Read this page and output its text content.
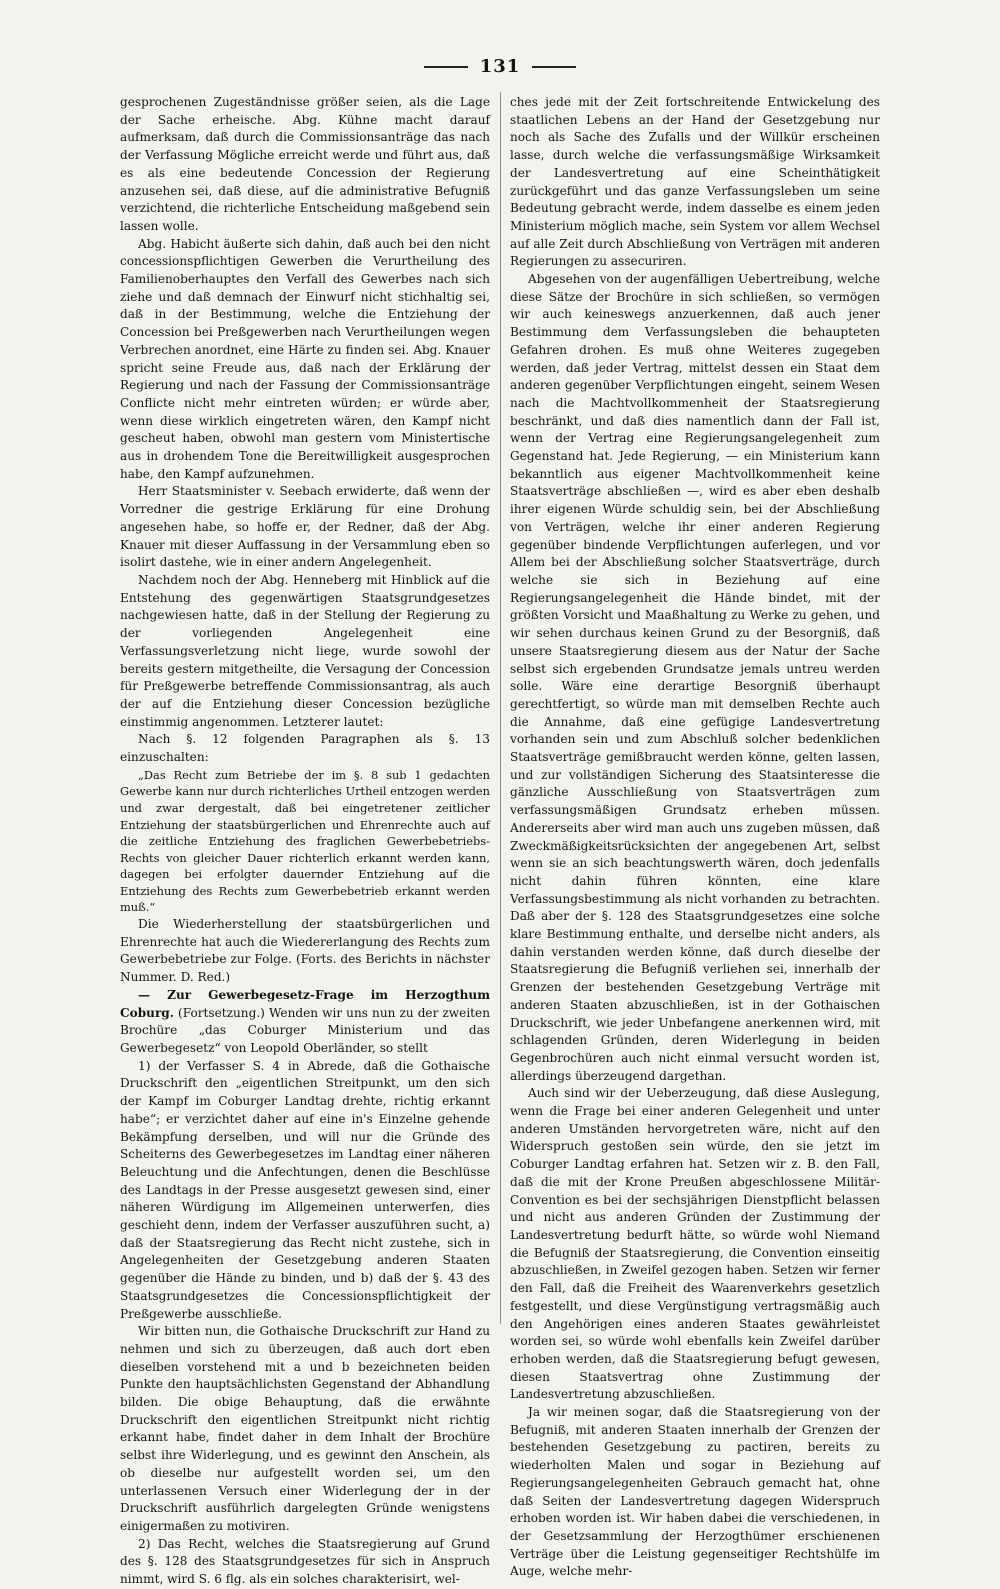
131

gesprochenen Zugeständnisse größer seien, als die Lage der Sache erheische. Abg. Kühne macht darauf aufmerksam, daß durch die Commissionsanträge das nach der Verfassung Mögliche erreicht werde und führt aus, daß es als eine bedeutende Concession der Regierung anzusehen sei, daß diese, auf die administrative Befugniß verzichtend, die richterliche Entscheidung maßgebend sein lassen wolle.

Abg. Habicht äußerte sich dahin, daß auch bei den nicht concessionspflichtigen Gewerben die Verurtheilung des Familienoberhauptes den Verfall des Gewerbes nach sich ziehe und daß demnach der Einwurf nicht stichhaltig sei, daß in der Bestimmung, welche die Entziehung der Concession bei Preßgewerben nach Verurtheilungen wegen Verbrechen anordnet, eine Härte zu finden sei. Abg. Knauer spricht seine Freude aus, daß nach der Erklärung der Regierung und nach der Fassung der Commissionsanträge Conflicte nicht mehr eintreten würden; er würde aber, wenn diese wirklich eingetreten wären, den Kampf nicht gescheut haben, obwohl man gestern vom Ministertische aus in drohendem Tone die Bereitwilligkeit ausgesprochen habe, den Kampf aufzunehmen.

Herr Staatsminister v. Seebach erwiderte, daß wenn der Vorredner die gestrige Erklärung für eine Drohung angesehen habe, so hoffe er, der Redner, daß der Abg. Knauer mit dieser Auffassung in der Versammlung eben so isolirt dastehe, wie in einer andern Angelegenheit.

Nachdem noch der Abg. Henneberg mit Hinblick auf die Entstehung des gegenwärtigen Staatsgrundgesetzes nachgewiesen hatte, daß in der Stellung der Regierung zu der vorliegenden Angelegenheit eine Verfassungsverletzung nicht liege, wurde sowohl der bereits gestern mitgetheilte, die Versagung der Concession für Preßgewerbe betreffende Commissionsantrag, als auch der auf die Entziehung dieser Concession bezügliche einstimmig angenommen. Letzterer lautet:

Nach §. 12 folgenden Paragraphen als §. 13 einzuschalten:

„Das Recht zum Betriebe der im §. 8 sub 1 gedachten Gewerbe kann nur durch richterliches Urtheil entzogen werden und zwar dergestalt, daß bei eingetretener zeitlicher Entziehung der staatsbürgerlichen und Ehrenrechte auch auf die zeitliche Entziehung des fraglichen Gewerbebetriebs-Rechts von gleicher Dauer richterlich erkannt werden kann, dagegen bei erfolgter dauernder Entziehung auf die Entziehung des Rechts zum Gewerbebetrieb erkannt werden muß.“

Die Wiederherstellung der staatsbürgerlichen und Ehrenrechte hat auch die Wiedererlangung des Rechts zum Gewerbebetriebe zur Folge. (Forts. des Berichts in nächster Nummer. D. Red.)

— Zur Gewerbegesetz-Frage im Herzogthum Coburg. (Fortsetzung.) Wenden wir uns nun zu der zweiten Brochüre „das Coburger Ministerium und das Gewerbegesetz“ von Leopold Oberländer, so stellt

1) der Verfasser S. 4 in Abrede, daß die Gothaische Druckschrift den „eigentlichen Streitpunkt, um den sich der Kampf im Coburger Landtag drehte, richtig erkannt habe“; er verzichtet daher auf eine in's Einzelne gehende Bekämpfung derselben, und will nur die Gründe des Scheiterns des Gewerbegesetzes im Landtag einer näheren Beleuchtung und die Anfechtungen, denen die Beschlüsse des Landtags in der Presse ausgesetzt gewesen sind, einer näheren Würdigung im Allgemeinen unterwerfen, dies geschieht denn, indem der Verfasser auszuführen sucht, a) daß der Staatsregierung das Recht nicht zustehe, sich in Angelegenheiten der Gesetzgebung anderen Staaten gegenüber die Hände zu binden, und b) daß der §. 43 des Staatsgrundgesetzes die Concessionspflichtigkeit der Preßgewerbe ausschließe.

Wir bitten nun, die Gothaische Druckschrift zur Hand zu nehmen und sich zu überzeugen, daß auch dort eben dieselben vorstehend mit a und b bezeichneten beiden Punkte den hauptsächlichsten Gegenstand der Abhandlung bilden. Die obige Behauptung, daß die erwähnte Druckschrift den eigentlichen Streitpunkt nicht richtig erkannt habe, findet daher in dem Inhalt der Brochüre selbst ihre Widerlegung, und es gewinnt den Anschein, als ob dieselbe nur aufgestellt worden sei, um den unterlassenen Versuch einer Widerlegung der in der Druckschrift ausführlich dargelegten Gründe wenigstens einigermaßen zu motiviren.

2) Das Recht, welches die Staatsregierung auf Grund des §. 128 des Staatsgrundgesetzes für sich in Anspruch nimmt, wird S. 6 flg. als ein solches charakterisirt, wel-

ches jede mit der Zeit fortschreitende Entwickelung des staatlichen Lebens an der Hand der Gesetzgebung nur noch als Sache des Zufalls und der Willkür erscheinen lasse, durch welche die verfassungsmäßige Wirksamkeit der Landesvertretung auf eine Scheinthätigkeit zurückgeführt und das ganze Verfassungsleben um seine Bedeutung gebracht werde, indem dasselbe es einem jeden Ministerium möglich mache, sein System vor allem Wechsel auf alle Zeit durch Abschließung von Verträgen mit anderen Regierungen zu assecuriren.

Abgesehen von der augenfälligen Uebertreibung, welche diese Sätze der Brochüre in sich schließen, so vermögen wir auch keineswegs anzuerkennen, daß auch jener Bestimmung dem Verfassungsleben die behaupteten Gefahren drohen. Es muß ohne Weiteres zugegeben werden, daß jeder Vertrag, mittelst dessen ein Staat dem anderen gegenüber Verpflichtungen eingeht, seinem Wesen nach die Machtvollkommenheit der Staatsregierung beschränkt, und daß dies namentlich dann der Fall ist, wenn der Vertrag eine Regierungsangelegenheit zum Gegenstand hat. Jede Regierung, — ein Ministerium kann bekanntlich aus eigener Machtvollkommenheit keine Staatsverträge abschließen —, wird es aber eben deshalb ihrer eigenen Würde schuldig sein, bei der Abschließung von Verträgen, welche ihr einer anderen Regierung gegenüber bindende Verpflichtungen auferlegen, und vor Allem bei der Abschließung solcher Staatsverträge, durch welche sie sich in Beziehung auf eine Regierungsangelegenheit die Hände bindet, mit der größten Vorsicht und Maaßhaltung zu Werke zu gehen, und wir sehen durchaus keinen Grund zu der Besorgniß, daß unsere Staatsregierung diesem aus der Natur der Sache selbst sich ergebenden Grundsatze jemals untreu werden solle. Wäre eine derartige Besorgniß überhaupt gerechtfertigt, so würde man mit demselben Rechte auch die Annahme, daß eine gefügige Landesvertretung vorhanden sein und zum Abschluß solcher bedenklichen Staatsverträge gemißbraucht werden könne, gelten lassen, und zur vollständigen Sicherung des Staatsinteresse die gänzliche Ausschließung von Staatsverträgen zum verfassungsmäßigen Grundsatz erheben müssen. Andererseits aber wird man auch uns zugeben müssen, daß Zweckmäßigkeitsrücksichten der angegebenen Art, selbst wenn sie an sich beachtungswerth wären, doch jedenfalls nicht dahin führen könnten, eine klare Verfassungsbestimmung als nicht vorhanden zu betrachten. Daß aber der §. 128 des Staatsgrundgesetzes eine solche klare Bestimmung enthalte, und derselbe nicht anders, als dahin verstanden werden könne, daß durch dieselbe der Staatsregierung die Befugniß verliehen sei, innerhalb der Grenzen der bestehenden Gesetzgebung Verträge mit anderen Staaten abzuschließen, ist in der Gothaischen Druckschrift, wie jeder Unbefangene anerkennen wird, mit schlagenden Gründen, deren Widerlegung in beiden Gegenbrochüren auch nicht einmal versucht worden ist, allerdings überzeugend dargethan.

Auch sind wir der Ueberzeugung, daß diese Auslegung, wenn die Frage bei einer anderen Gelegenheit und unter anderen Umständen hervorgetreten wäre, nicht auf den Widerspruch gestoßen sein würde, den sie jetzt im Coburger Landtag erfahren hat. Setzen wir z. B. den Fall, daß die mit der Krone Preußen abgeschlossene Militär-Convention es bei der sechsjährigen Dienstpflicht belassen und nicht aus anderen Gründen der Zustimmung der Landesvertretung bedurft hätte, so würde wohl Niemand die Befugniß der Staatsregierung, die Convention einseitig abzuschließen, in Zweifel gezogen haben. Setzen wir ferner den Fall, daß die Freiheit des Waarenverkehrs gesetzlich festgestellt, und diese Vergünstigung vertragsmäßig auch den Angehörigen eines anderen Staates gewährleistet worden sei, so würde wohl ebenfalls kein Zweifel darüber erhoben werden, daß die Staatsregierung befugt gewesen, diesen Staatsvertrag ohne Zustimmung der Landesvertretung abzuschließen.

Ja wir meinen sogar, daß die Staatsregierung von der Befugniß, mit anderen Staaten innerhalb der Grenzen der bestehenden Gesetzgebung zu pactiren, bereits zu wiederholten Malen und sogar in Beziehung auf Regierungsangelegenheiten Gebrauch gemacht hat, ohne daß Seiten der Landesvertretung dagegen Widerspruch erhoben worden ist. Wir haben dabei die verschiedenen, in der Gesetzsammlung der Herzogthümer erschienenen Verträge über die Leistung gegenseitiger Rechtshülfe im Auge, welche mehr-
